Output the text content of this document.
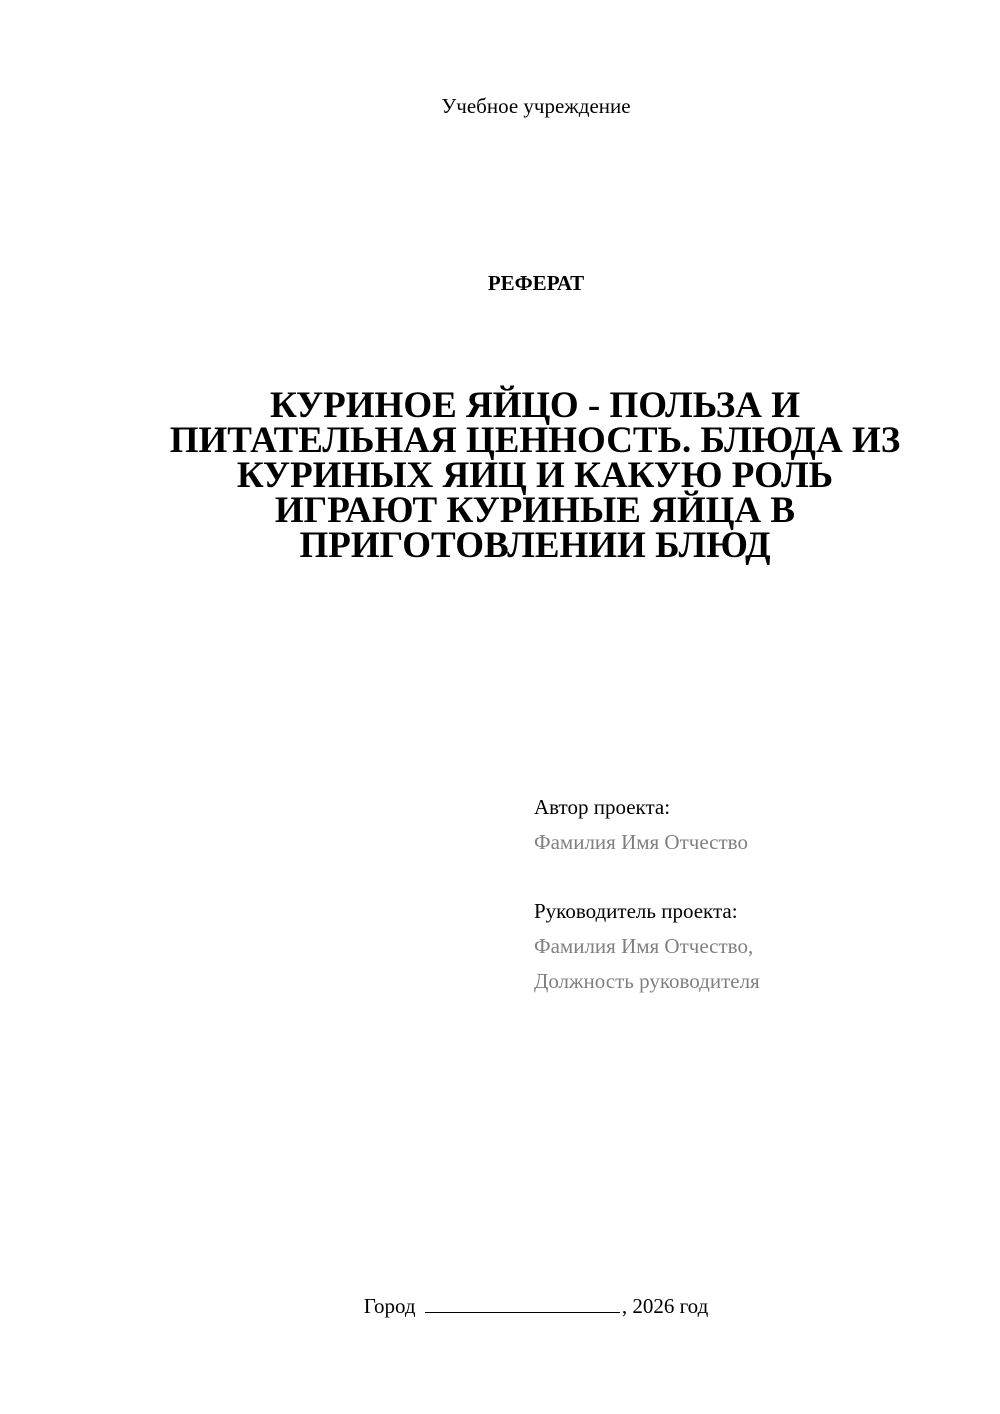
Учебное учреждение
РЕФЕРАТ
КУРИНОЕ ЯЙЦО - ПОЛЬЗА И
ПИТАТЕЛЬНАЯ ЦЕННОСТЬ. БЛЮДА ИЗ
КУРИНЫХ ЯИЦ И КАКУЮ РОЛЬ
ИГРАЮТ КУРИНЫЕ ЯЙЦА В
ПРИГОТОВЛЕНИИ БЛЮД
Автор проекта:
Фамилия Имя Отчество
Руководитель проекта:
Фамилия Имя Отчество,
Должность руководителя
Город	, 2026 год
